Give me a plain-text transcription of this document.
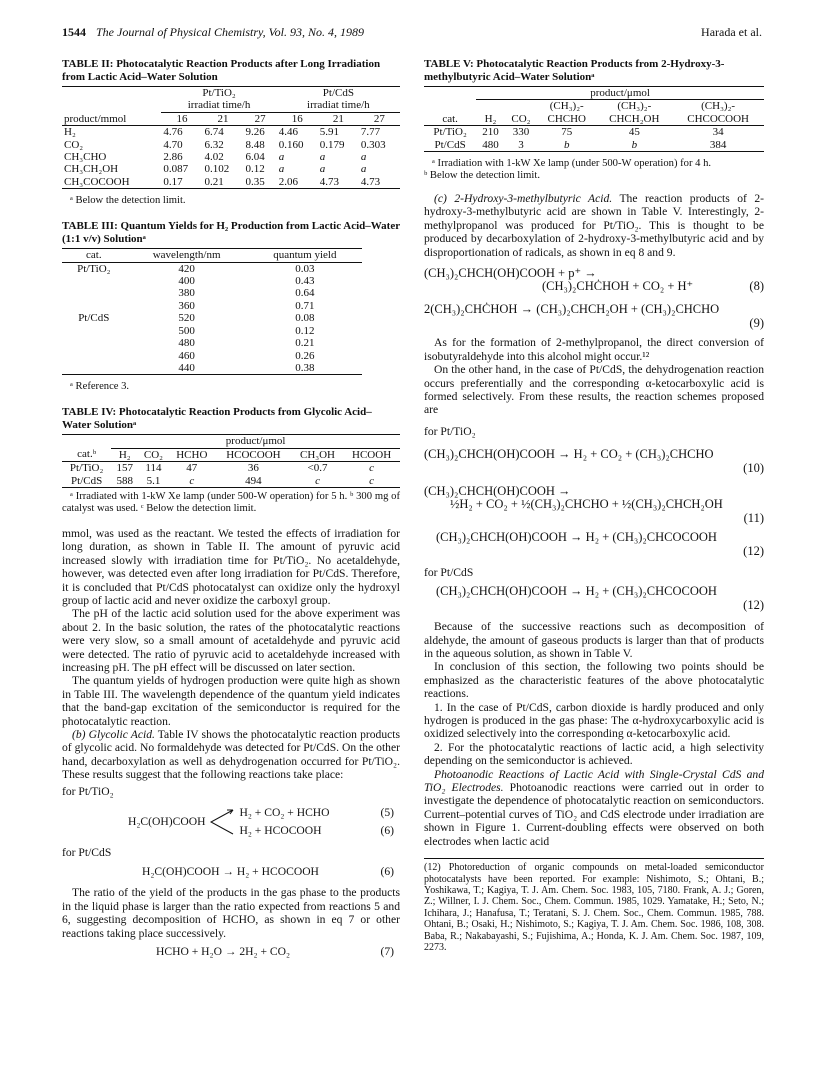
1544 The Journal of Physical Chemistry, Vol. 93, No. 4, 1989	Harada et al.
TABLE II: Photocatalytic Reaction Products after Long Irradiation from Lactic Acid–Water Solution
	Pt/TiO₂			Pt/CdS		
	irradiat time/h			irradiat time/h		
product/mmol	16	21	27	16	21	27
H₂	4.76	6.74	9.26	4.46	5.91	7.77
CO₂	4.70	6.32	8.48	0.160	0.179	0.303
CH₃CHO	2.86	4.02	6.04	a	a	a
CH₃CH₂OH	0.087	0.102	0.12	a	a	a
CH₃COCOOH	0.17	0.21	0.35	2.06	4.73	4.73
ᵃ Below the detection limit.
TABLE III: Quantum Yields for H₂ Production from Lactic Acid–Water (1:1 v/v) Solutionᵃ
cat.	wavelength/nm	quantum yield
Pt/TiO₂	420	0.03
	400	0.43
	380	0.64
	360	0.71
Pt/CdS	520	0.08
	500	0.12
	480	0.21
	460	0.26
	440	0.38
ᵃ Reference 3.
TABLE IV: Photocatalytic Reaction Products from Glycolic Acid–Water Solutionᵃ
	product/μmol					
cat.ᵇ	H₂	CO₂	HCHO	HCOCOOH	CH₃OH	HCOOH
Pt/TiO₂	157	114	47	36	<0.7	c
Pt/CdS	588	5.1	c	494	c	c
ᵃ Irradiated with 1-kW Xe lamp (under 500-W operation) for 5 h. ᵇ 300 mg of catalyst was used. ᶜ Below the detection limit.

mmol, was used as the reactant. We tested the effects of irradiation for long duration, as shown in Table II. The amount of pyruvic acid increased slowly with irradiation time for Pt/TiO₂. No acetaldehyde, however, was detected even after long irradiation for Pt/CdS. Therefore, it is concluded that Pt/CdS photocatalyst can oxidize only the hydroxyl group of lactic acid and never oxidize the carboxyl group.

The pH of the lactic acid solution used for the above experiment was about 2. In the basic solution, the rates of the photocatalytic reactions were very slow, so a small amount of acetaldehyde and pyruvic acid were detected. The ratio of pyruvic acid to acetaldehyde increased with increasing pH. The pH effect will be discussed on later section.

The quantum yields of hydrogen production were quite high as shown in Table III. The wavelength dependence of the quantum yield indicates that the band-gap excitation of the semiconductor is required for the photocatalytic reaction.

(b) Glycolic Acid. Table IV shows the photocatalytic reaction products of glycolic acid. No formaldehyde was detected for Pt/CdS. On the other hand, decarboxylation as well as dehydrogenation occurred for Pt/TiO₂. These results suggest that the following reactions take place:

for Pt/TiO₂
H₂C(OH)COOH
H₂ + CO₂ + HCHO
H₂ + HCOCOOH
(5)
(6)
for Pt/CdS
H₂C(OH)COOH → H₂ + HCOCOOH	(6)

The ratio of the yield of the products in the gas phase to the products in the liquid phase is larger than the ratio expected from reactions 5 and 6, suggesting decomposition of HCHO, as shown in eq 7 or other reactions taking place successively.

HCHO + H₂O → 2H₂ + CO₂	(7)
TABLE V: Photocatalytic Reaction Products from 2-Hydroxy-3-methylbutyric Acid–Water Solutionᵃ
	product/μmol				
			(CH₃)₂-	(CH₃)₂-	(CH₃)₂-
cat.	H₂	CO₂	CHCHO	CHCH₂OH	CHCOCOOH
Pt/TiO₂	210	330	75	45	34
Pt/CdS	480	3	b	b	384
ᵃ Irradiation with 1-kW Xe lamp (under 500-W operation) for 4 h.
ᵇ Below the detection limit.

(c) 2-Hydroxy-3-methylbutyric Acid. The reaction products of 2-hydroxy-3-methylbutyric acid are shown in Table V. Interestingly, 2-methylpropanol was produced for Pt/TiO₂. This is thought to be produced by decarboxylation of 2-hydroxy-3-methylbutyric acid and by disproportionation of radicals, as shown in eq 8 and 9.

(CH₃)₂CHCH(OH)COOH + p⁺ →
(CH₃)₂CHĊHOH + CO₂ + H⁺	(8)
2(CH₃)₂CHĊHOH → (CH₃)₂CHCH₂OH + (CH₃)₂CHCHO
(9)

As for the formation of 2-methylpropanol, the direct conversion of isobutyraldehyde into this alcohol might occur.¹²

On the other hand, in the case of Pt/CdS, the dehydrogenation reaction occurs preferentially and the corresponding α-ketocarboxylic acid is formed selectively. From these results, the reaction schemes proposed are

for Pt/TiO₂
(CH₃)₂CHCH(OH)COOH → H₂ + CO₂ + (CH₃)₂CHCHO
(10)
(CH₃)₂CHCH(OH)COOH →
½H₂ + CO₂ + ½(CH₃)₂CHCHO + ½(CH₃)₂CHCH₂OH
(11)
(CH₃)₂CHCH(OH)COOH → H₂ + (CH₃)₂CHCOCOOH
(12)
for Pt/CdS
(CH₃)₂CHCH(OH)COOH → H₂ + (CH₃)₂CHCOCOOH
(12)

Because of the successive reactions such as decomposition of aldehyde, the amount of gaseous products is larger than that of products in the aqueous solution, as shown in Table V.

In conclusion of this section, the following two points should be emphasized as the characteristic features of the above photocatalytic reactions.

1. In the case of Pt/CdS, carbon dioxide is hardly produced and only hydrogen is produced in the gas phase: The α-hydroxycarboxylic acid is oxidized selectively into the corresponding α-ketocarboxylic acid.

2. For the photocatalytic reactions of lactic acid, a high selectivity depending on the semiconductor is achieved.

Photoanodic Reactions of Lactic Acid with Single-Crystal CdS and TiO₂ Electrodes. Photoanodic reactions were carried out in order to investigate the dependence of photocatalytic reaction on semiconductors. Current–potential curves of TiO₂ and CdS electrode under irradiation are shown in Figure 1. Current-doubling effects were observed on both electrodes when lactic acid

(12) Photoreduction of organic compounds on metal-loaded semiconductor photocatalysts have been reported. For example: Nishimoto, S.; Ohtani, B.; Yoshikawa, T.; Kagiya, T. J. Am. Chem. Soc. 1983, 105, 7180. Frank, A. J.; Goren, Z.; Willner, I. J. Chem. Soc., Chem. Commun. 1985, 1029. Yamatake, H.; Seto, N.; Ichihara, J.; Hanafusa, T.; Teratani, S. J. Chem. Soc., Chem. Commun. 1985, 788. Ohtani, B.; Osaki, H.; Nishimoto, S.; Kagiya, T. J. Am. Chem. Soc. 1986, 108, 308. Baba, R.; Nakabayashi, S.; Fujishima, A.; Honda, K. J. Am. Chem. Soc. 1987, 109, 2273.
